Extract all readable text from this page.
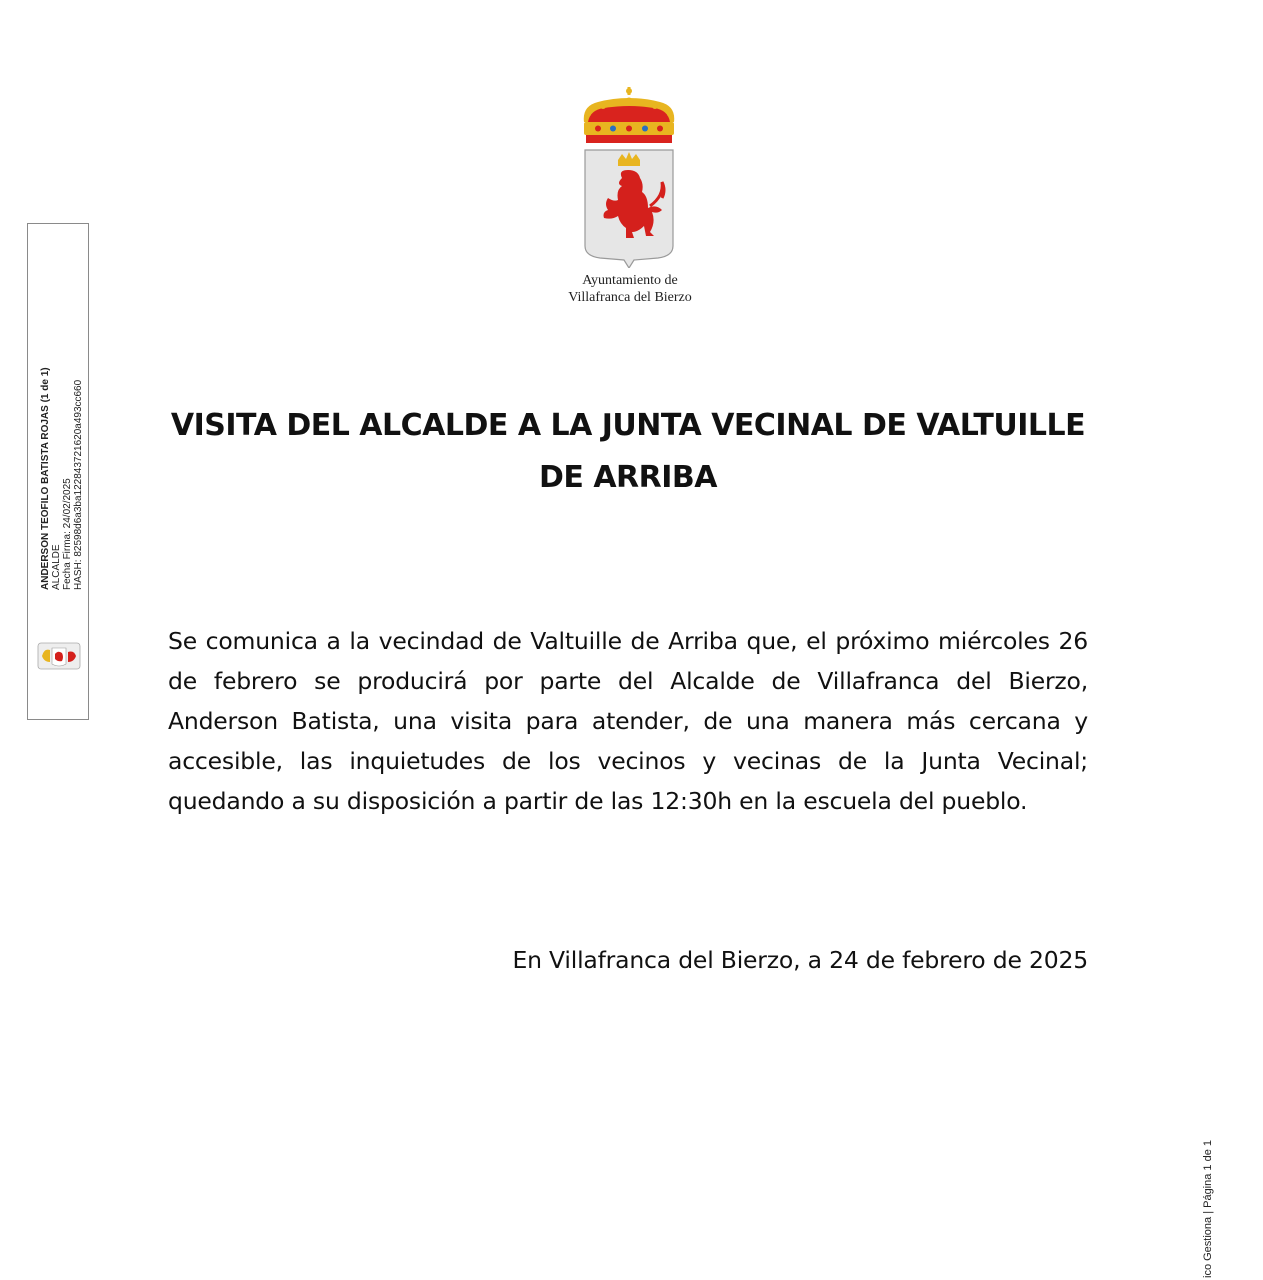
Ayuntamiento de
Villafranca del Bierzo
ANDERSON TEOFILO BATISTA ROJAS (1 de 1) ALCALDE Fecha Firma: 24/02/2025 HASH: 82598d6a3ba122843721620a493cc660	VISITA DEL ALCALDE A LA JUNTA VECINAL DE VALTUILLE DE ARRIBA
Se comunica a la vecindad de Valtuille de Arriba que, el próximo miércoles 26 de febrero se producirá por parte del Alcalde de Villafranca del Bierzo, Anderson Batista, una visita para atender, de una manera más cercana y accesible, las inquietudes de los vecinos y vecinas de la Junta Vecinal; quedando a su disposición a partir de las 12:30h en la escuela del pueblo.
En Villafranca del Bierzo, a 24 de febrero de 2025
ico Gestiona | Página 1 de 1
